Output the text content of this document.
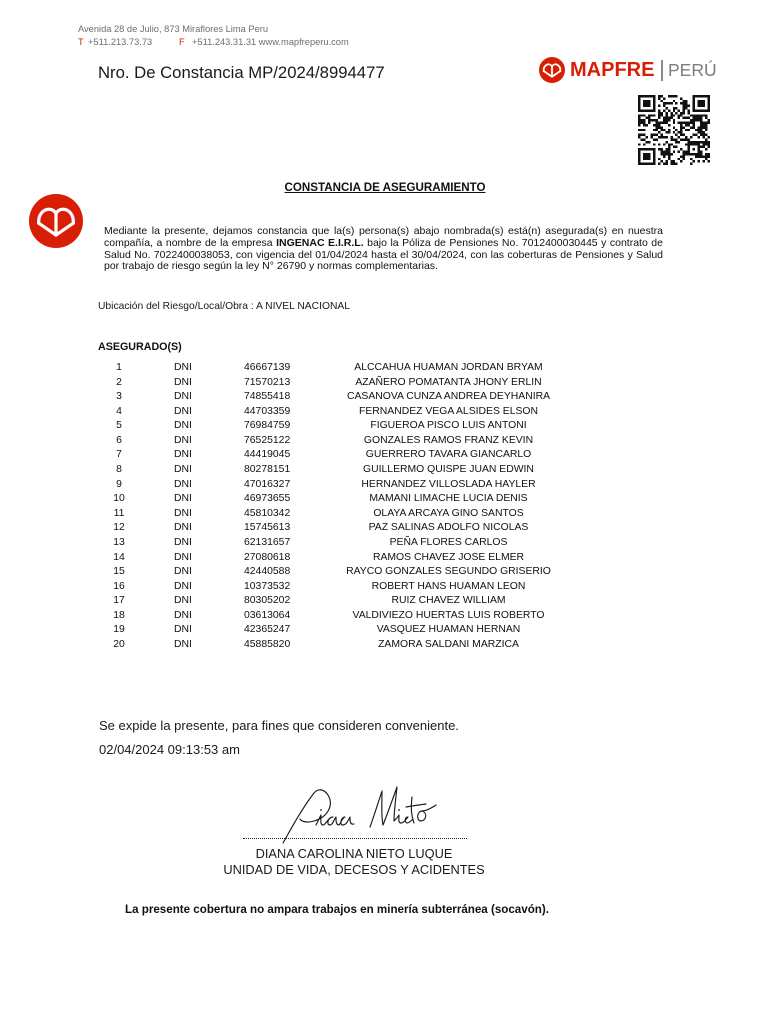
Avenida 28 de Julio, 873 Miraflores Lima Peru
T +511.213.73.73	F +511.243.31.31 www.mapfreperu.com
Nro. De Constancia MP/2024/8994477	MAPFRE PERÚ
CONSTANCIA DE ASEGURAMIENTO
Mediante la presente, dejamos constancia que la(s) persona(s) abajo nombrada(s) está(n) asegurada(s) en nuestra compañía, a nombre de la empresa INGENAC E.I.R.L. bajo la Póliza de Pensiones No. 7012400030445 y contrato de Salud No. 7022400038053, con vigencia del 01/04/2024 hasta el 30/04/2024, con las coberturas de Pensiones y Salud por trabajo de riesgo según la ley N° 26790 y normas complementarias.
Ubicación del Riesgo/Local/Obra : A NIVEL NACIONAL
ASEGURADO(S)
1	DNI	46667139	ALCCAHUA HUAMAN JORDAN BRYAM
2	DNI	71570213	AZAÑERO POMATANTA JHONY ERLIN
3	DNI	74855418	CASANOVA CUNZA ANDREA DEYHANIRA
4	DNI	44703359	FERNANDEZ VEGA ALSIDES ELSON
5	DNI	76984759	FIGUEROA PISCO LUIS ANTONI
6	DNI	76525122	GONZALES RAMOS FRANZ KEVIN
7	DNI	44419045	GUERRERO TAVARA GIANCARLO
8	DNI	80278151	GUILLERMO QUISPE JUAN EDWIN
9	DNI	47016327	HERNANDEZ VILLOSLADA HAYLER
10	DNI	46973655	MAMANI LIMACHE LUCIA DENIS
11	DNI	45810342	OLAYA ARCAYA GINO SANTOS
12	DNI	15745613	PAZ SALINAS ADOLFO NICOLAS
13	DNI	62131657	PEÑA FLORES CARLOS
14	DNI	27080618	RAMOS CHAVEZ JOSE ELMER
15	DNI	42440588	RAYCO GONZALES SEGUNDO GRISERIO
16	DNI	10373532	ROBERT HANS HUAMAN LEON
17	DNI	80305202	RUIZ CHAVEZ WILLIAM
18	DNI	03613064	VALDIVIEZO HUERTAS LUIS ROBERTO
19	DNI	42365247	VASQUEZ HUAMAN HERNAN
20	DNI	45885820	ZAMORA SALDANI MARZICA
Se expide la presente, para fines que consideren conveniente.
02/04/2024 09:13:53 am
DIANA CAROLINA NIETO LUQUE
UNIDAD DE VIDA, DECESOS Y ACIDENTES
La presente cobertura no ampara trabajos en minería subterránea (socavón).
